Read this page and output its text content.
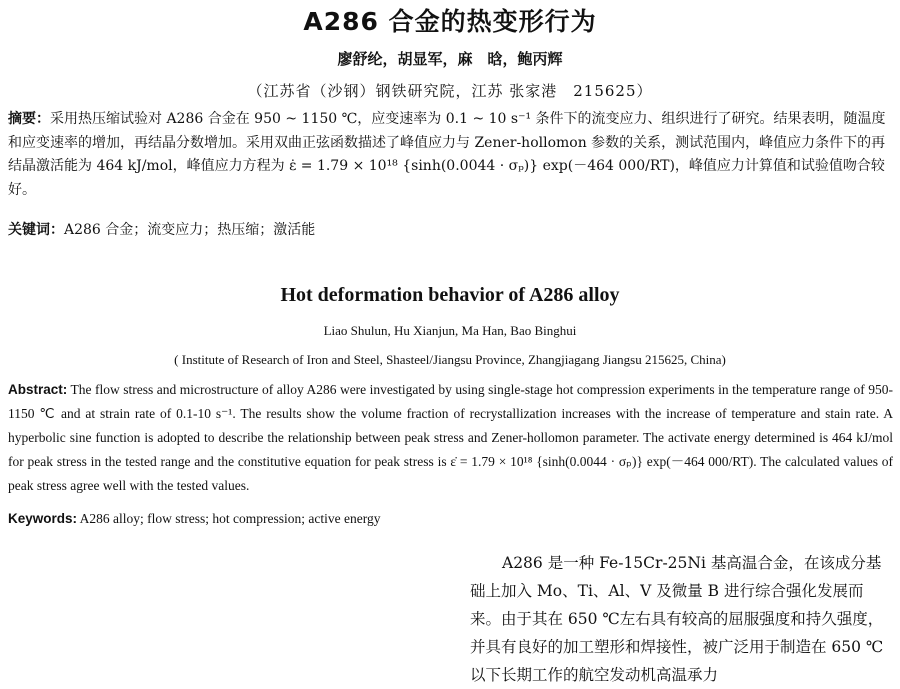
A286 合金的热变形行为
廖舒纶，胡显军，麻　晗，鲍丙辉
（江苏省（沙钢）钢铁研究院，江苏 张家港　215625）
摘要：采用热压缩试验对 A286 合金在 950 ~ 1150 ℃，应变速率为 0.1 ~ 10 s⁻¹ 条件下的流变应力、组织进行了研究。结果表明，随温度和应变速率的增加，再结晶分数增加。采用双曲正弦函数描述了峰值应力与 Zener-hollomon 参数的关系，测试范围内，峰值应力条件下的再结晶激活能为 464 kJ/mol，峰值应力方程为 ε̇ = 1.79 × 10¹⁸ {sinh(0.0044 · σₚ)} exp(－464 000/RT)，峰值应力计算值和试验值吻合较好。
关键词：A286 合金；流变应力；热压缩；激活能
Hot deformation behavior of A286 alloy
Liao Shulun, Hu Xianjun, Ma Han, Bao Binghui
( Institute of Research of Iron and Steel, Shasteel/Jiangsu Province, Zhangjiagang Jiangsu 215625, China)
Abstract: The flow stress and microstructure of alloy A286 were investigated by using single-stage hot compression experiments in the temperature range of 950-1150 ℃ and at strain rate of 0.1-10 s⁻¹. The results show the volume fraction of recrystallization increases with the increase of temperature and stain rate. A hyperbolic sine function is adopted to describe the relationship between peak stress and Zener-hollomon parameter. The activate energy determined is 464 kJ/mol for peak stress in the tested range and the constitutive equation for peak stress is ε̇ = 1.79 × 10¹⁸ {sinh(0.0044 · σₚ)} exp(－464 000/RT). The calculated values of peak stress agree well with the tested values.
Keywords: A286 alloy; flow stress; hot compression; active energy
A286 是一种 Fe-15Cr-25Ni 基高温合金，在该成分基础上加入 Mo、Ti、Al、V 及微量 B 进行综合强化发展而来。由于其在 650 ℃左右具有较高的屈服强度和持久强度，并具有良好的加工塑形和焊接性，被广泛用于制造在 650 ℃以下长期工作的航空发动机高温承力
